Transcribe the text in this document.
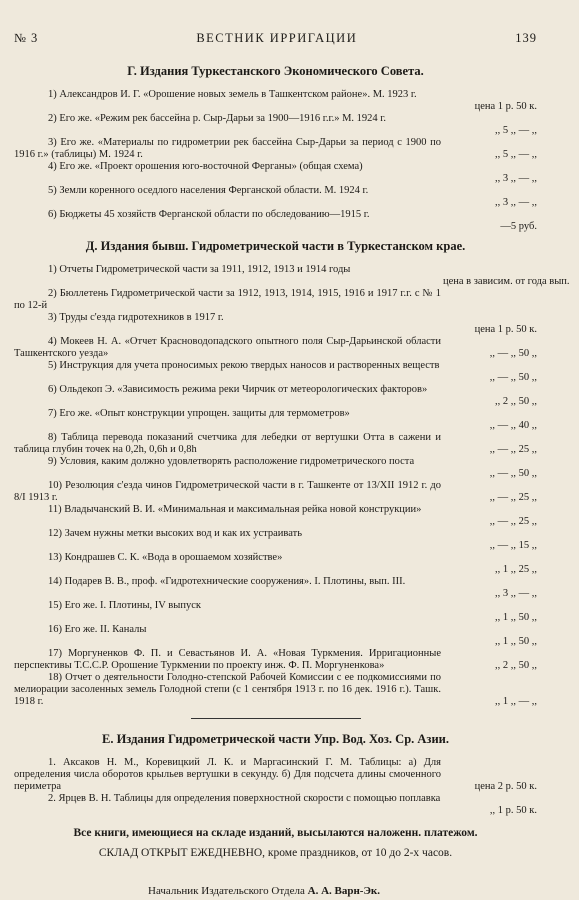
№ 3	ВЕСТНИК ИРРИГАЦИИ	139
Г. Издания Туркестанского Экономического Совета.

1) Александров И. Г. «Орошение новых земель в Ташкентском районе». М. 1923 г.
цена 1 р. 50 к.

2) Его же. «Режим рек бассейна р. Сыр-Дарьи за 1900—1916 г.г.» М. 1924 г.
,, 5 ,, — ,,

3) Его же. «Материалы по гидрометрии рек бассейна Сыр-Дарьи за период с 1900 по 1916 г.» (таблицы) М. 1924 г.	,, 5 ,, — ,,

4) Его же. «Проект орошения юго-восточной Ферганы» (общая схема)
,, 3 ,, — ,,

5) Земли коренного оседлого населения Ферганской области. М. 1924 г.
,, 3 ,, — ,,

6) Бюджеты 45 хозяйств Ферганской области по обследованию—1915 г.
—5 руб.

Д. Издания бывш. Гидрометрической части в Туркестанском крае.

1) Отчеты Гидрометрической части за 1911, 1912, 1913 и 1914 годы
цена в зависим. от года вып.

2) Бюллетень Гидрометрической части за 1912, 1913, 1914, 1915, 1916 и 1917 г.г. с № 1 по 12-й

3) Труды с'езда гидротехников в 1917 г.
цена 1 р. 50 к.

4) Мокеев Н. А. «Отчет Красноводопадского опытного поля Сыр-Дарьинской области Ташкентского уезда»	,, — ,, 50 ,,

5) Инструкция для учета проносимых рекою твердых наносов и растворенных веществ
,, — ,, 50 ,,

6) Ольдекоп Э. «Зависимость режима реки Чирчик от метеорологических факторов»
,, 2 ,, 50 ,,

7) Его же. «Опыт конструкции упрощен. защиты для термометров»
,, — ,, 40 ,,

8) Таблица перевода показаний счетчика для лебедки от вертушки Отта в сажени и таблица глубин точек на 0,2h, 0,6h и 0,8h	,, — ,, 25 ,,

9) Условия, каким должно удовлетворять расположение гидрометрического поста
,, — ,, 50 ,,

10) Резолюция с'езда чинов Гидрометрической части в г. Ташкенте от 13/XII 1912 г. до 8/I 1913 г.	,, — ,, 25 ,,

11) Владычанский В. И. «Минимальная и максимальная рейка новой конструкции»
,, — ,, 25 ,,

12) Зачем нужны метки высоких вод и как их устраивать
,, — ,, 15 ,,

13) Кондрашев С. К. «Вода в орошаемом хозяйстве»
,, 1 ,, 25 ,,

14) Подарев В. В., проф. «Гидротехнические сооружения». I. Плотины, вып. III.
,, 3 ,, — ,,

15) Его же. I. Плотины, IV выпуск
,, 1 ,, 50 ,,

16) Его же. II. Каналы
,, 1 ,, 50 ,,

17) Моргуненков Ф. П. и Севастьянов И. А. «Новая Туркмения. Ирригационные перспективы Т.С.С.Р. Орошение Туркмении по проекту инж. Ф. П. Моргуненкова»	,, 2 ,, 50 ,,

18) Отчет о деятельности Голодно-степской Рабочей Комиссии с ее подкомиссиями по мелиорации засоленных земель Голодной степи (с 1 сентября 1913 г. по 16 дек. 1916 г.). Ташк. 1918 г.	,, 1 ,, — ,,

Е. Издания Гидрометрической части Упр. Вод. Хоз. Ср. Азии.

1. Аксаков Н. М., Коревицкий Л. К. и Маргасинский Г. М. Таблицы: а) Для определения числа оборотов крыльев вертушки в секунду. б) Для подсчета длины смоченного периметра	цена 2 р. 50 к.

2. Ярцев В. Н. Таблицы для определения поверхностной скорости с помощью поплавка
,, 1 р. 50 к.

Все книги, имеющиеся на складе изданий, высылаются наложенн. платежом.
СКЛАД ОТКРЫТ ЕЖЕДНЕВНО, кроме праздников, от 10 до 2-х часов.
Начальник Издательского Отдела А. А. Варн-Эк.
